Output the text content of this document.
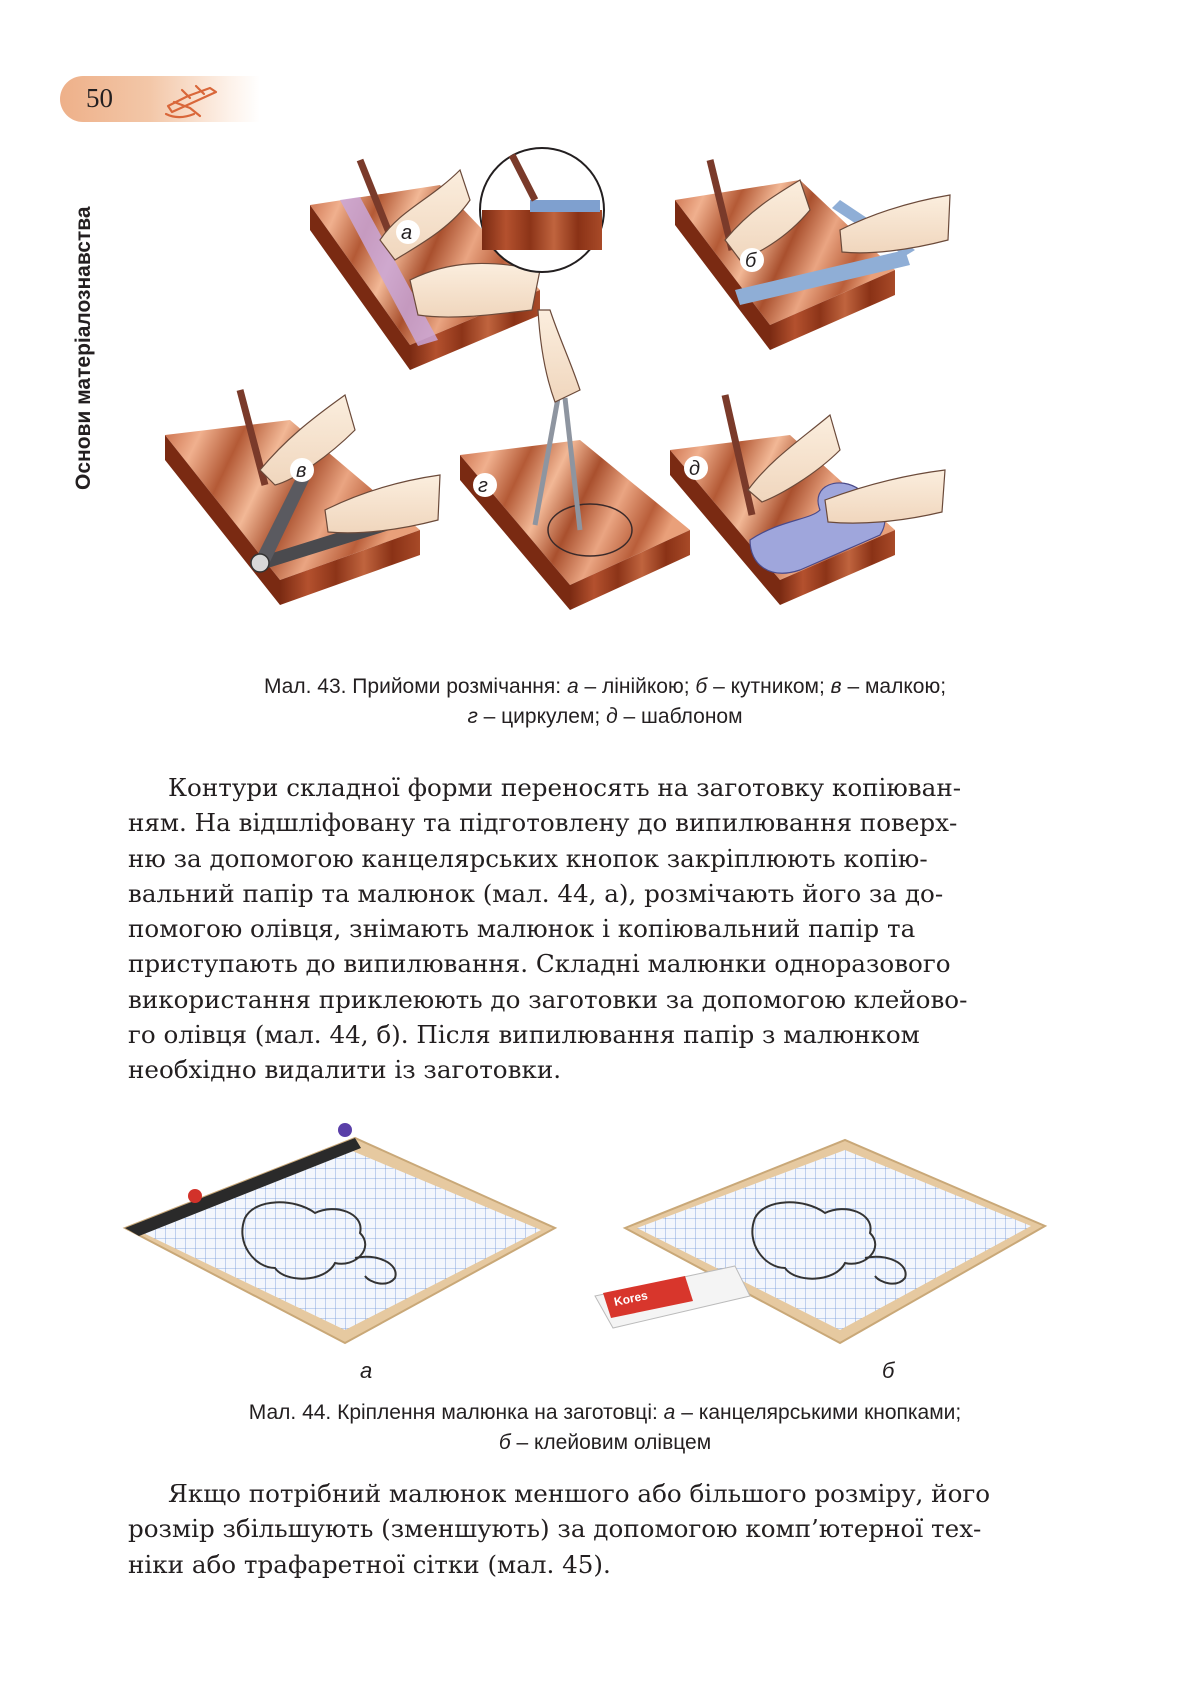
50
Основи матеріалознавства	а
б
в
г
д
Мал. 43. Прийоми розмічання: а – лінійкою; б – кутником; в – малкою;
г – циркулем; д – шаблоном
Контури складної форми переносять на заготовку копіюван-
ням. На відшліфовану та підготовлену до випилювання поверх-
ню за допомогою канцелярських кнопок закріплюють копію-
вальний папір та малюнок (мал. 44, а), розмічають його за до-
помогою олівця, знімають малюнок і копіювальний папір та
приступають до випилювання. Складні малюнки одноразового
використання приклеюють до заготовки за допомогою клейово-
го олівця (мал. 44, б). Після випилювання папір з малюнком
необхідно видалити із заготовки.
Kores
а	б
Мал. 44. Кріплення малюнка на заготовці: а – канцелярськими кнопками;
б – клейовим олівцем
Якщо потрібний малюнок меншого або більшого розміру, його
розмір збільшують (зменшують) за допомогою комп’ютерної тех-
ніки або трафаретної сітки (мал. 45).
